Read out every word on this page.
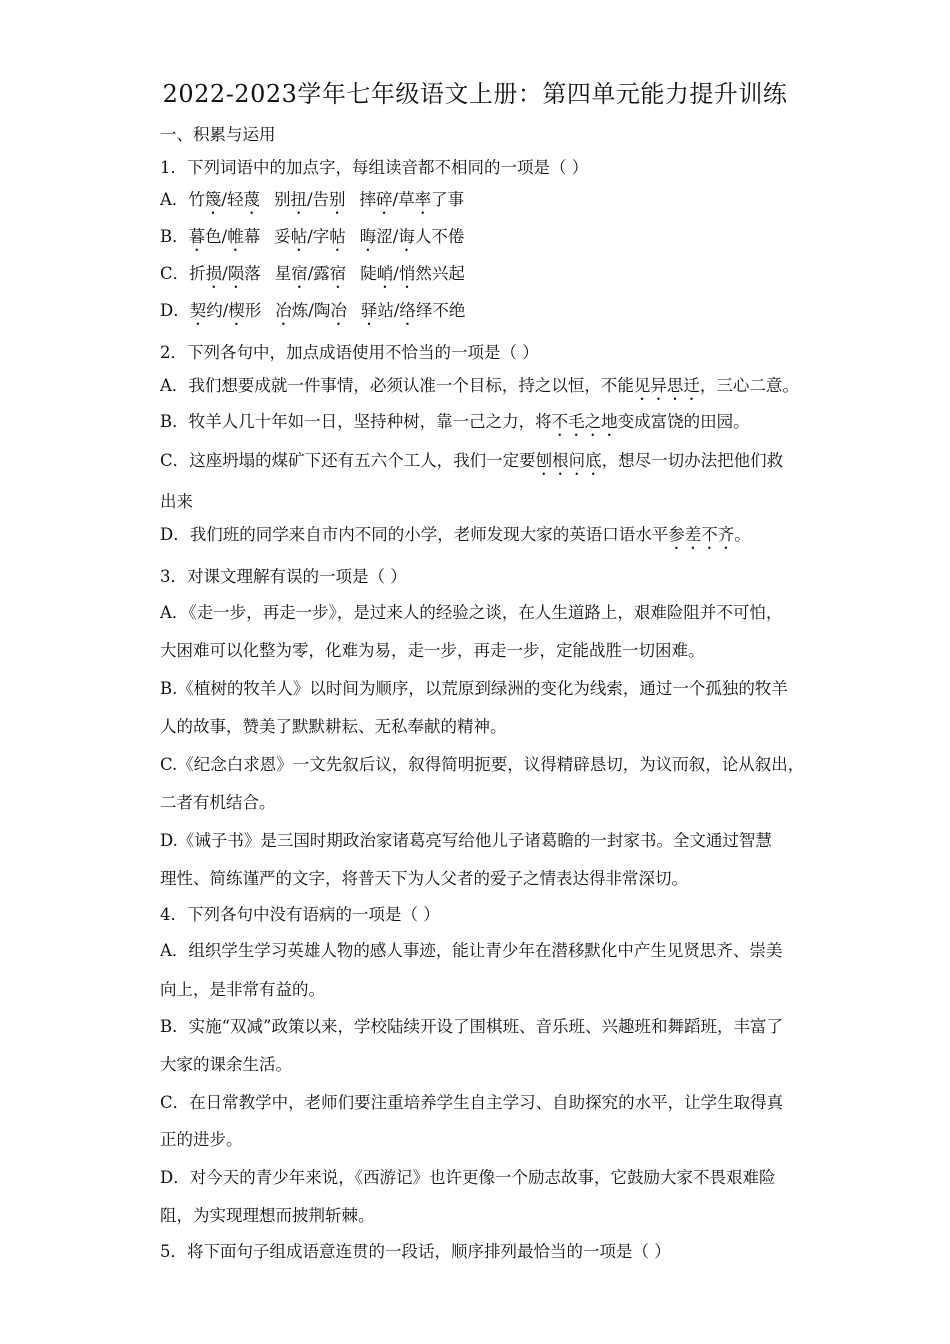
2022-2023学年七年级语文上册：第四单元能力提升训练
一、积累与运用
1．下列词语中的加点字，每组读音都不相同的一项是（ ）
A．竹篾/轻蔑 别扭/告别 摔碎/草率了事
B．暮色/帷幕 妥帖/字帖 晦涩/诲人不倦
C．折损/陨落 星宿/露宿 陡峭/悄然兴起
D．契约/楔形 冶炼/陶冶 驿站/络绎不绝
2．下列各句中，加点成语使用不恰当的一项是（ ）
A．我们想要成就一件事情，必须认准一个目标，持之以恒，不能见异思迁，三心二意。
B．牧羊人几十年如一日，坚持种树，靠一己之力，将不毛之地变成富饶的田园。
C．这座坍塌的煤矿下还有五六个工人，我们一定要刨根问底，想尽一切办法把他们救
出来
D．我们班的同学来自市内不同的小学，老师发现大家的英语口语水平参差不齐。
3．对课文理解有误的一项是（ ）
A．《走一步，再走一步》，是过来人的经验之谈，在人生道路上，艰难险阻并不可怕，
大困难可以化整为零，化难为易，走一步，再走一步，定能战胜一切困难。
B.《植树的牧羊人》以时间为顺序，以荒原到绿洲的变化为线索，通过一个孤独的牧羊
人的故事，赞美了默默耕耘、无私奉献的精神。
C.《纪念白求恩》一文先叙后议，叙得简明扼要，议得精辟恳切，为议而叙，论从叙出，
二者有机结合。
D.《诫子书》是三国时期政治家诸葛亮写给他儿子诸葛瞻的一封家书。全文通过智慧
理性、简练谨严的文字，将普天下为人父者的爱子之情表达得非常深切。
4．下列各句中没有语病的一项是（ ）
A．组织学生学习英雄人物的感人事迹，能让青少年在潜移默化中产生见贤思齐、崇美
向上，是非常有益的。
B．实施“双减”政策以来，学校陆续开设了围棋班、音乐班、兴趣班和舞蹈班，丰富了
大家的课余生活。
C．在日常教学中，老师们要注重培养学生自主学习、自助探究的水平，让学生取得真
正的进步。
D．对今天的青少年来说，《西游记》也许更像一个励志故事，它鼓励大家不畏艰难险
阻，为实现理想而披荆斩棘。
5．将下面句子组成语意连贯的一段话，顺序排列最恰当的一项是（ ）
